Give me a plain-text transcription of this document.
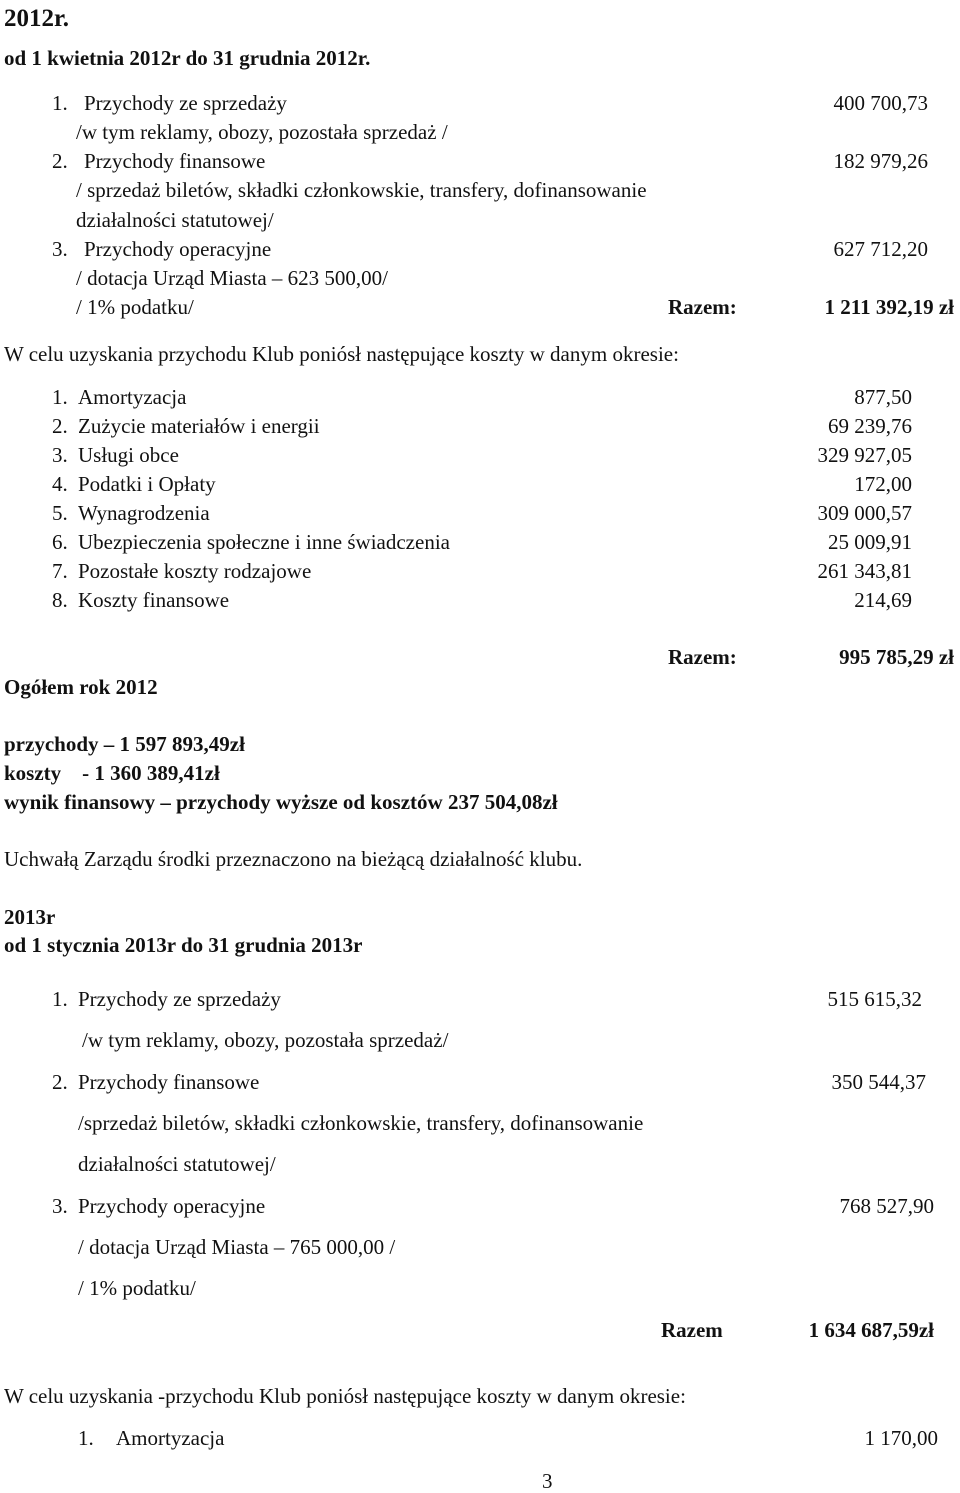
2012r.
od 1 kwietnia 2012r do 31 grudnia 2012r.
1. Przychody ze sprzedaży	400 700,73
/w tym reklamy, obozy, pozostała sprzedaż /
2. Przychody finansowe	182 979,26
/ sprzedaż biletów, składki członkowskie, transfery, dofinansowanie
działalności statutowej/
3. Przychody operacyjne	627 712,20
/ dotacja Urząd Miasta – 623 500,00/
/ 1% podatku/	Razem:	1 211 392,19 zł
W celu uzyskania przychodu Klub poniósł następujące koszty w danym okresie:
1. Amortyzacja	877,50
2. Zużycie materiałów i energii	69 239,76
3. Usługi obce	329 927,05
4. Podatki i Opłaty	172,00
5. Wynagrodzenia	309 000,57
6. Ubezpieczenia społeczne i inne świadczenia	25 009,91
7. Pozostałe koszty rodzajowe	261 343,81
8. Koszty finansowe	214,69
Razem:	995 785,29 zł
Ogółem rok 2012
przychody – 1 597 893,49zł
koszty    - 1 360 389,41zł
wynik finansowy – przychody wyższe od kosztów 237 504,08zł
Uchwałą Zarządu środki przeznaczono na bieżącą działalność klubu.
2013r
od 1 stycznia 2013r do 31 grudnia 2013r
1. Przychody ze sprzedaży	515 615,32
/w tym reklamy, obozy, pozostała sprzedaż/
2. Przychody finansowe	350 544,37
/sprzedaż biletów, składki członkowskie, transfery, dofinansowanie
działalności statutowej/
3. Przychody operacyjne	768 527,90
/ dotacja Urząd Miasta – 765 000,00 /
/ 1% podatku/
Razem	1 634 687,59zł
W celu uzyskania -przychodu Klub poniósł następujące koszty w danym okresie:
1. Amortyzacja	1 170,00
3
